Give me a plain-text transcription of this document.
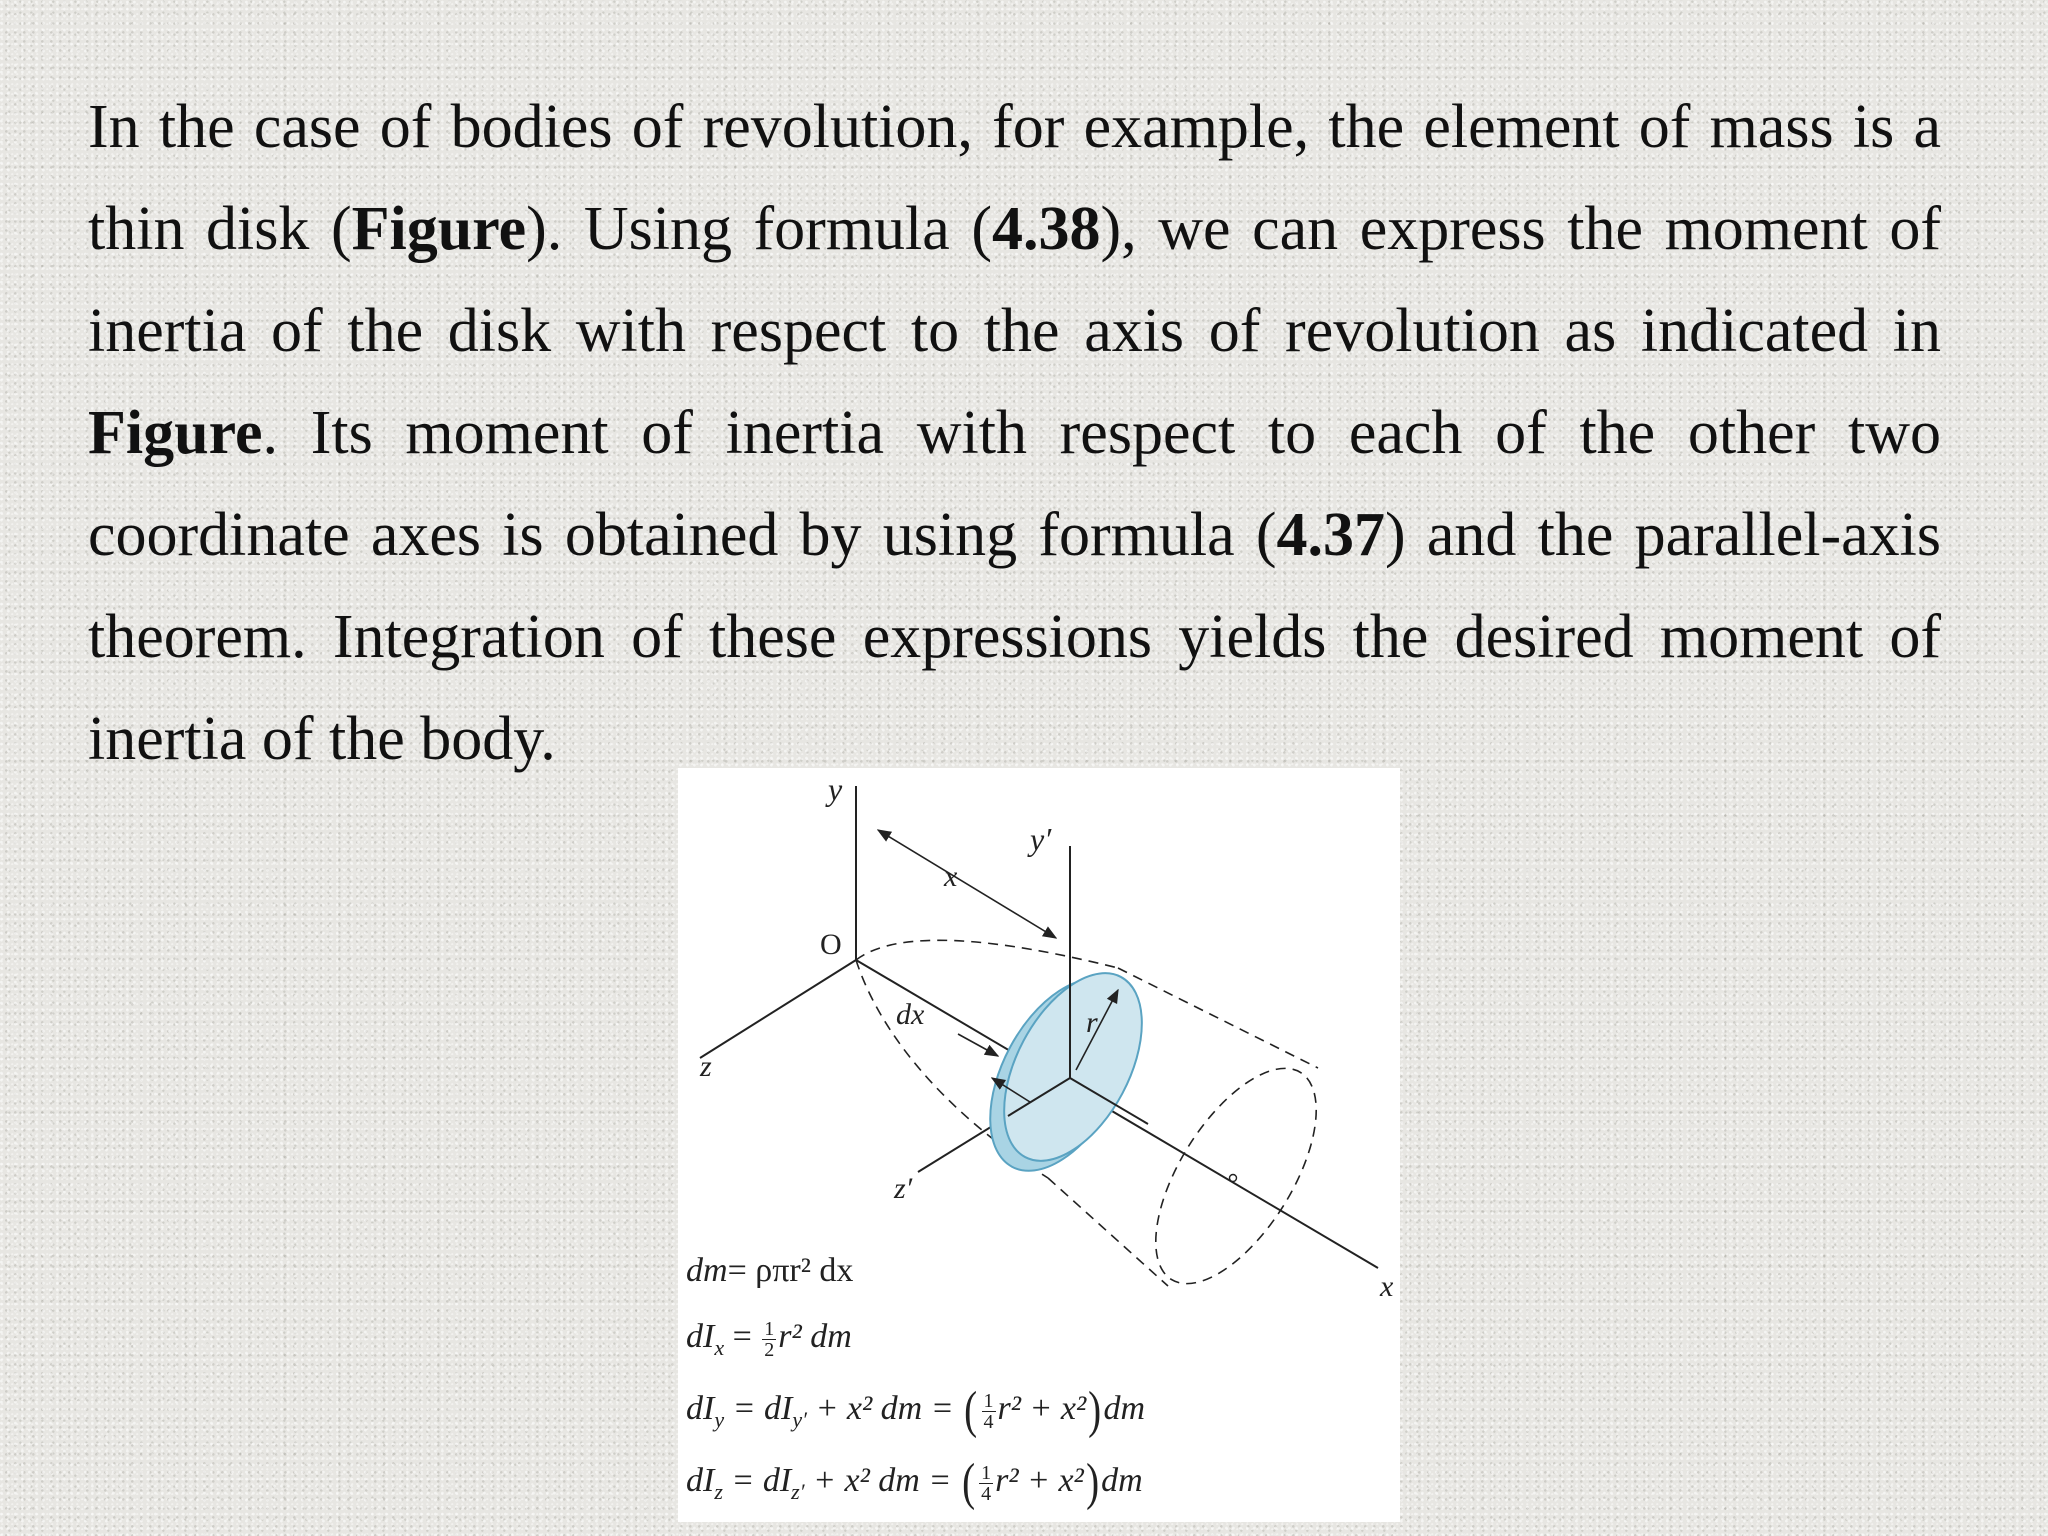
In the case of bodies of revolution, for example, the element of mass is a thin disk (Figure). Using formula (4.38), we can express the moment of inertia of the disk with respect to the axis of revolution as indicated in Figure. Its moment of inertia with respect to each of the other two coordinate axes is obtained by using formula (4.37) and the parallel-axis theorem. Integration of these expressions yields the desired moment of inertia of the body.

y
y′
x
O
dx	r
z
z′
x
dm= ρπr² dx
$dI_x = \frac{1}{2} r^2$ dm
$dI_y = dI_{y'} + x^2$ dm = ( $\frac{1}{4} r^2 + x^2)dm$
$dI_z = dI_{z'} + x^2$ dm = ( $\frac{1}{4} r^2 + x^2)dm$
